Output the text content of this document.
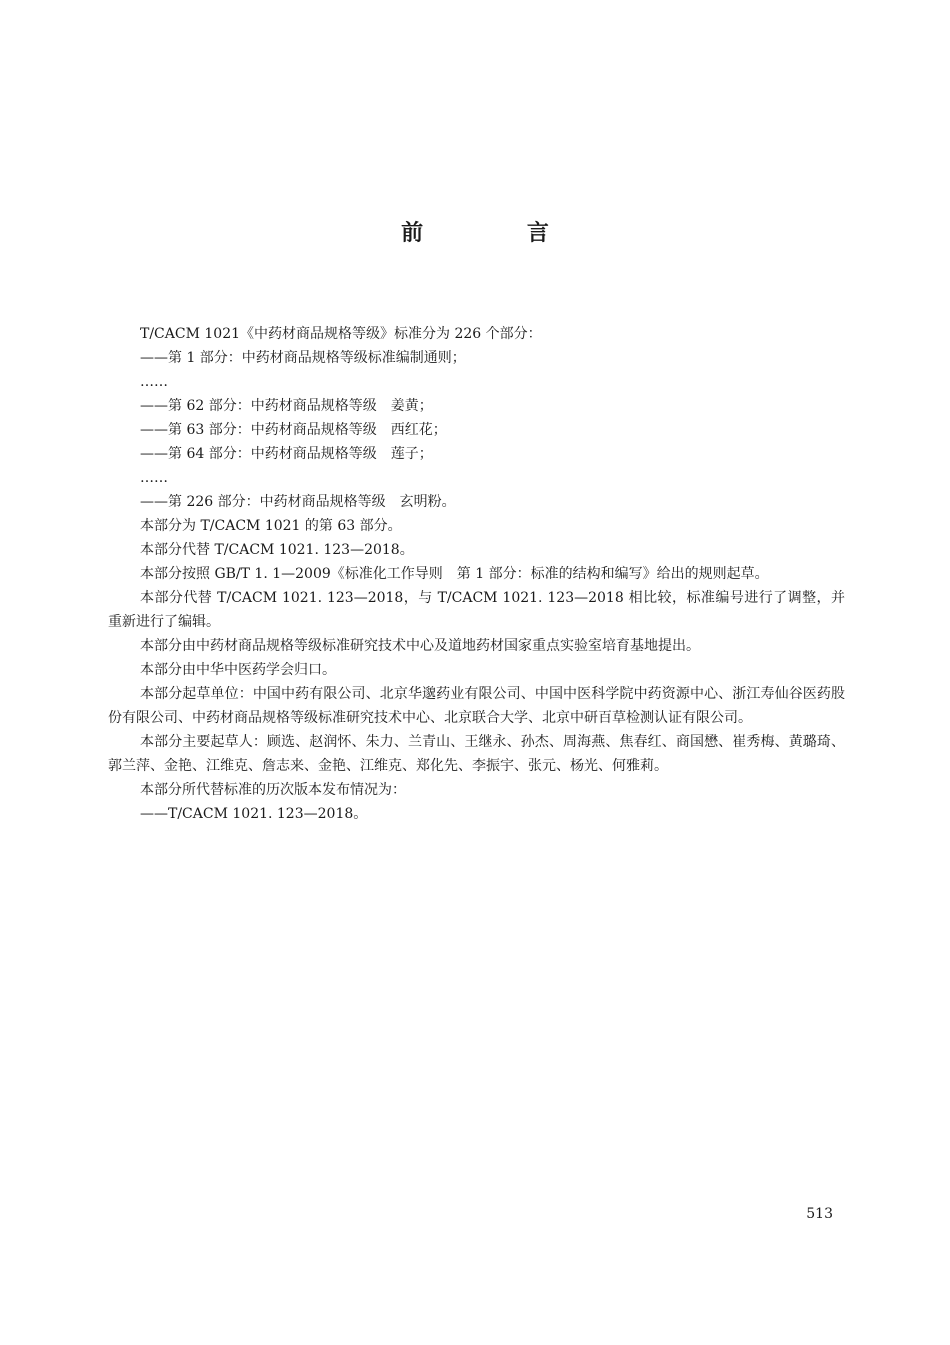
前 言

T/CACM 1021《中药材商品规格等级》标准分为 226 个部分：

——第 1 部分：中药材商品规格等级标准编制通则；

……

——第 62 部分：中药材商品规格等级　姜黄；

——第 63 部分：中药材商品规格等级　西红花；

——第 64 部分：中药材商品规格等级　莲子；

……

——第 226 部分：中药材商品规格等级　玄明粉。

本部分为 T/CACM 1021 的第 63 部分。

本部分代替 T/CACM 1021. 123—2018。

本部分按照 GB/T 1. 1—2009《标准化工作导则　第 1 部分：标准的结构和编写》给出的规则起草。

本部分代替 T/CACM 1021. 123—2018，与 T/CACM 1021. 123—2018 相比较，标准编号进行了调整，并重新进行了编辑。

本部分由中药材商品规格等级标准研究技术中心及道地药材国家重点实验室培育基地提出。

本部分由中华中医药学会归口。

本部分起草单位：中国中药有限公司、北京华邈药业有限公司、中国中医科学院中药资源中心、浙江寿仙谷医药股份有限公司、中药材商品规格等级标准研究技术中心、北京联合大学、北京中研百草检测认证有限公司。

本部分主要起草人：顾选、赵润怀、朱力、兰青山、王继永、孙杰、周海燕、焦春红、商国懋、崔秀梅、黄璐琦、郭兰萍、金艳、江维克、詹志来、金艳、江维克、郑化先、李振宇、张元、杨光、何雅莉。

本部分所代替标准的历次版本发布情况为：

——T/CACM 1021. 123—2018。

513
